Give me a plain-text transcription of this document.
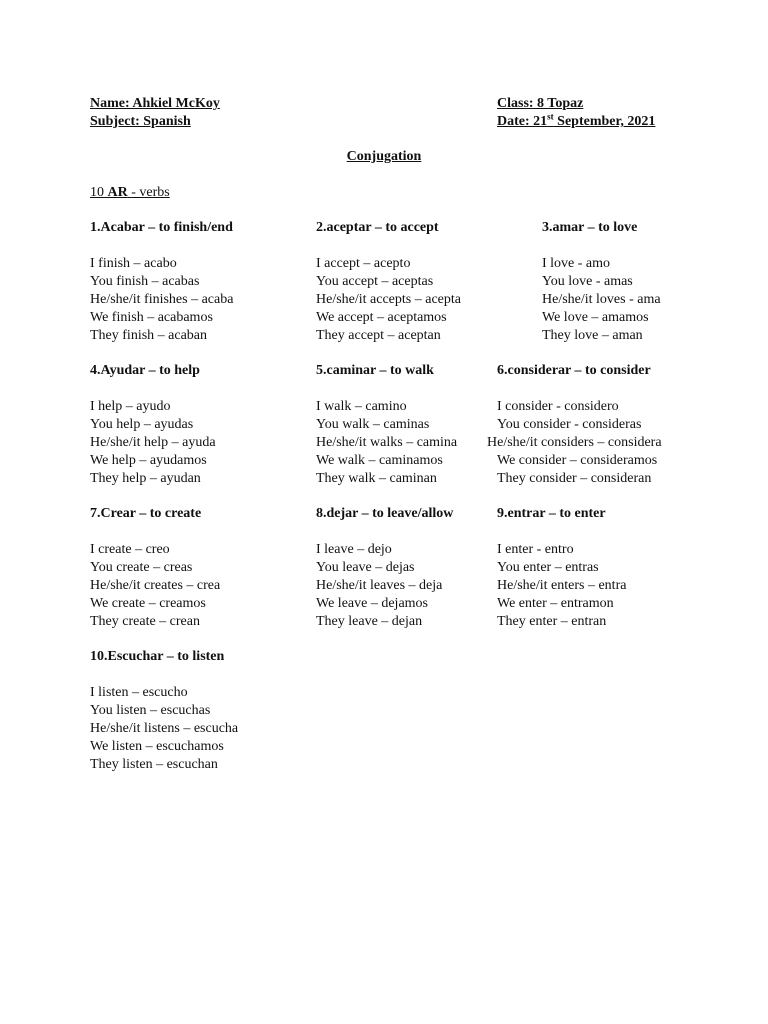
Name: Ahkiel McKoy
Subject: Spanish
Class: 8 Topaz
Date: 21st September, 2021
Conjugation
10 AR - verbs
1.Acabar – to finish/end
I finish – acabo
You finish – acabas
He/she/it finishes – acaba
We finish – acabamos
They finish – acaban
2.aceptar – to accept
I accept – acepto
You accept – aceptas
He/she/it accepts – acepta
We accept – aceptamos
They accept – aceptan
3.amar – to love
I love - amo
You love - amas
He/she/it loves - ama
We love – amamos
They love – aman
4.Ayudar – to help
I help – ayudo
You help – ayudas
He/she/it help – ayuda
We help – ayudamos
They help – ayudan
5.caminar – to walk
I walk – camino
You walk – caminas
He/she/it walks – camina
We walk – caminamos
They walk – caminan
6.considerar – to consider
I consider - considero
You consider - consideras
He/she/it considers – considera
We consider – consideramos
They consider – consideran
7.Crear – to create
I create – creo
You create – creas
He/she/it creates – crea
We create – creamos
They create – crean
8.dejar – to leave/allow
I leave – dejo
You leave – dejas
He/she/it leaves – deja
We leave – dejamos
They leave – dejan
9.entrar – to enter
I enter - entro
You enter – entras
He/she/it enters – entra
We enter – entramon
They enter – entran
10.Escuchar – to listen
I listen – escucho
You listen – escuchas
He/she/it listens – escucha
We listen – escuchamos
They listen – escuchan
